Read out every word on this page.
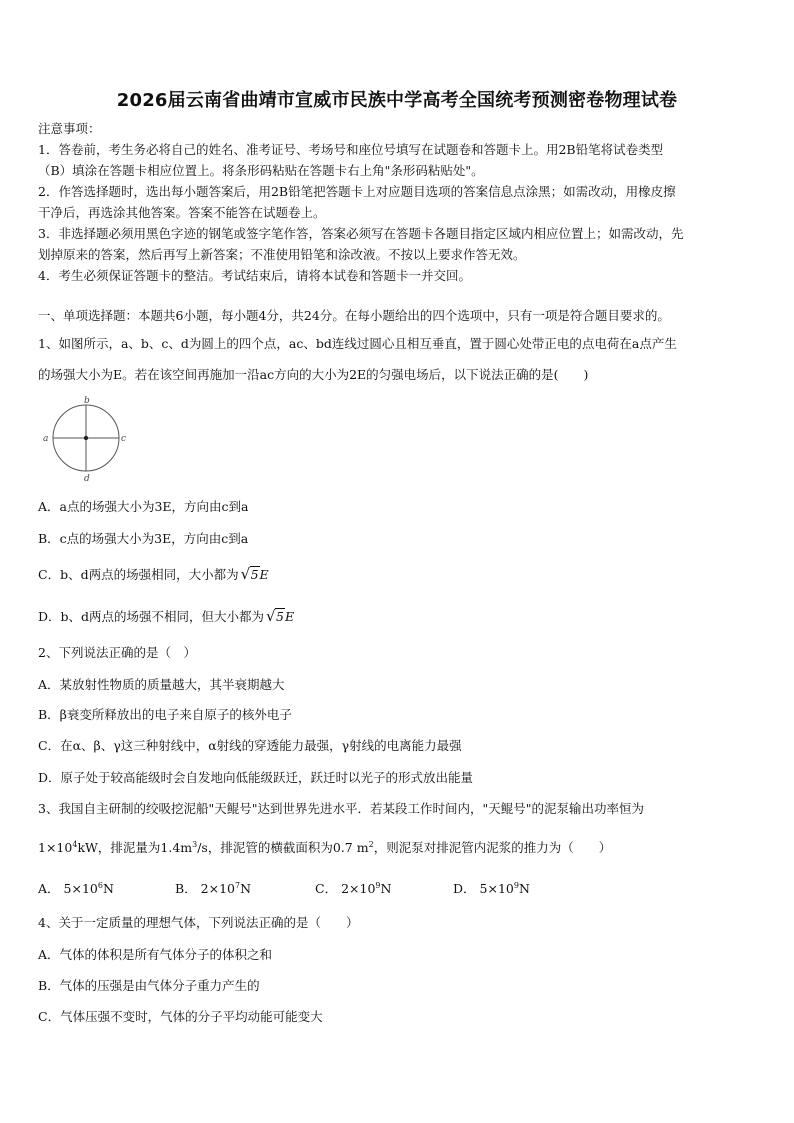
2026届云南省曲靖市宣威市民族中学高考全国统考预测密卷物理试卷
注意事项：
1．答卷前，考生务必将自己的姓名、准考证号、考场号和座位号填写在试题卷和答题卡上。用2B铅笔将试卷类型
（B）填涂在答题卡相应位置上。将条形码粘贴在答题卡右上角"条形码粘贴处"。
2．作答选择题时，选出每小题答案后，用2B铅笔把答题卡上对应题目选项的答案信息点涂黑；如需改动，用橡皮擦
干净后，再选涂其他答案。答案不能答在试题卷上。
3．非选择题必须用黑色字迹的钢笔或签字笔作答，答案必须写在答题卡各题目指定区域内相应位置上；如需改动，先
划掉原来的答案，然后再写上新答案；不准使用铅笔和涂改液。不按以上要求作答无效。
4．考生必须保证答题卡的整洁。考试结束后，请将本试卷和答题卡一并交回。
一、单项选择题：本题共6小题，每小题4分，共24分。在每小题给出的四个选项中，只有一项是符合题目要求的。
1、如图所示，a、b、c、d为圆上的四个点，ac、bd连线过圆心且相互垂直，置于圆心处带正电的点电荷在a点产生
的场强大小为E。若在该空间再施加一沿ac方向的大小为2E的匀强电场后，以下说法正确的是(　　)
b
a	c
d
A．a点的场强大小为3E，方向由c到a
B．c点的场强大小为3E，方向由c到a
C．b、d两点的场强相同，大小都为 √ 5E
D．b、d两点的场强不相同，但大小都为 √ 5E
2、下列说法正确的是（　）
A．某放射性物质的质量越大，其半衰期越大
B．β衰变所释放出的电子来自原子的核外电子
C．在α、β、γ这三种射线中，α射线的穿透能力最强，γ射线的电离能力最强
D．原子处于较高能级时会自发地向低能级跃迁，跃迁时以光子的形式放出能量
3、我国自主研制的绞吸挖泥船"天鲲号"达到世界先进水平．若某段工作时间内，"天鲲号"的泥泵输出功率恒为
$1\times 10^4kW$，排泥量为$1.4m^3/s$，排泥管的横截面积为0.7 $m^2$，则泥泵对排泥管内泥浆的推力为（　　）
A． $5\times 10^6N$	B． $2\times 10^7N$	C． $2\times 10^9N$	D． $5\times 10^9N$
4、关于一定质量的理想气体，下列说法正确的是（　　）
A．气体的体积是所有气体分子的体积之和
B．气体的压强是由气体分子重力产生的
C．气体压强不变时，气体的分子平均动能可能变大
